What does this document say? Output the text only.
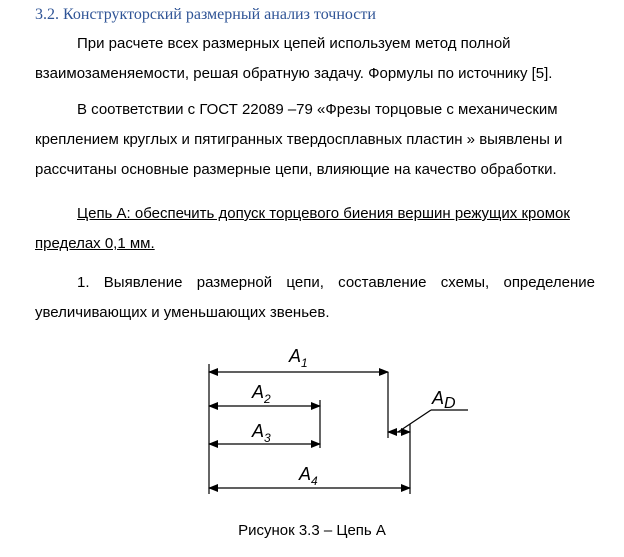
3.2. Конструкторский размерный анализ точности

При расчете всех размерных цепей используем метод полной
взаимозаменяемости, решая обратную задачу. Формулы по источнику [5].

В соответствии с ГОСТ 22089 –79 «Фрезы торцовые с механическим
креплением круглых и пятигранных твердосплавных пластин » выявлены и
рассчитаны основные размерные цепи, влияющие на качество обработки.

Цепь А: обеспечить допуск торцевого биения вершин режущих кромок
пределах 0,1 мм.

1. Выявление размерной цепи, составление схемы, определение
увеличивающих и уменьшающих звеньев.

$A_1$
$A_2$
$A_3$
$A_4$
AD
Рисунок 3.3 – Цепь А
